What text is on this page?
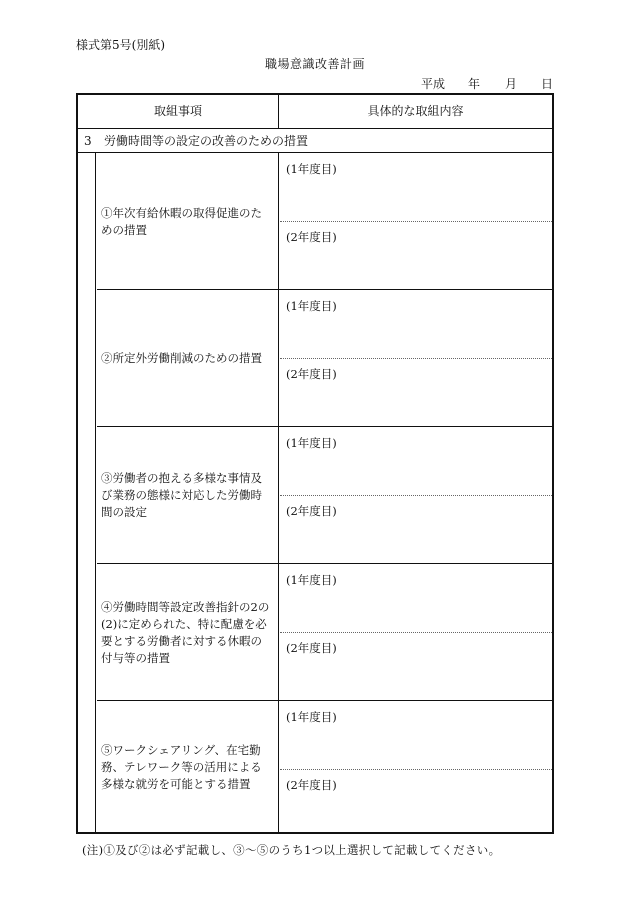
様式第5号(別紙)
職場意識改善計画
平成 年 月 日
取組事項	具体的な取組内容
3 労働時間等の設定の改善のための措置
①年次有給休暇の取得促進のための措置
(1年度目)
(2年度目)
②所定外労働削減のための措置
(1年度目)
(2年度目)
③労働者の抱える多様な事情及び業務の態様に対応した労働時間の設定
(1年度目)
(2年度目)
④労働時間等設定改善指針の2の(2)に定められた、特に配慮を必要とする労働者に対する休暇の付与等の措置
(1年度目)
(2年度目)
⑤ワークシェアリング、在宅勤務、テレワーク等の活用による多様な就労を可能とする措置
(1年度目)
(2年度目)
(注)①及び②は必ず記載し、③〜⑤のうち1つ以上選択して記載してください。
